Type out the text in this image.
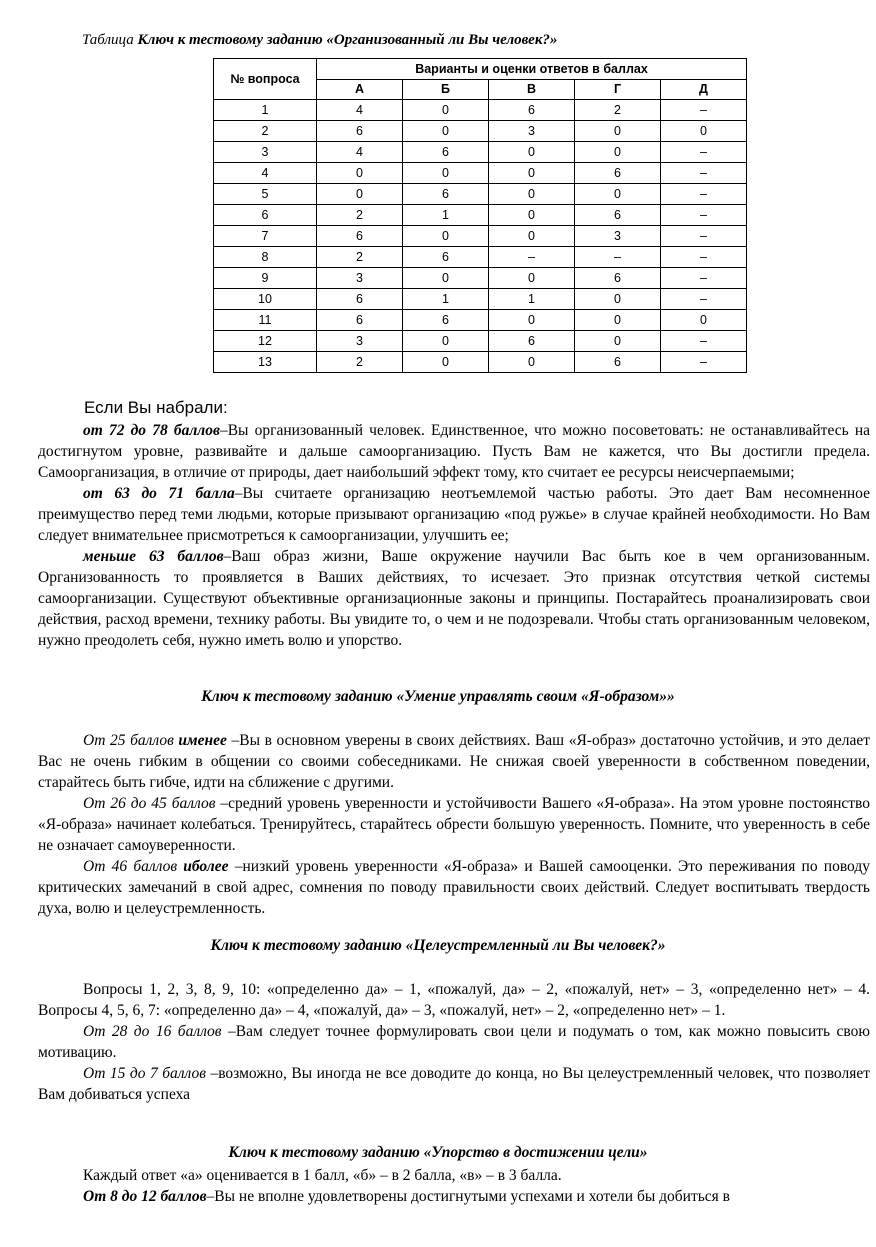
Таблица Ключ к тестовому заданию «Организованный ли Вы человек?»
№ вопроса	Варианты и оценки ответов в баллах				
	А	Б	В	Г	Д
1	4	0	6	2	–
2	6	0	3	0	0
3	4	6	0	0	–
4	0	0	0	6	–
5	0	6	0	0	–
6	2	1	0	6	–
7	6	0	0	3	–
8	2	6	–	–	–
9	3	0	0	6	–
10	6	1	1	0	–
11	6	6	0	0	0
12	3	0	6	0	–
13	2	0	0	6	–
Если Вы набрали:

от 72 до 78 баллов–Вы организованный человек. Единственное, что можно посоветовать: не останавливайтесь на достигнутом уровне, развивайте и дальше самоорганизацию. Пусть Вам не кажется, что Вы достигли предела. Самоорганизация, в отличие от природы, дает наибольший эффект тому, кто считает ее ресурсы неисчерпаемыми;

от 63 до 71 балла–Вы считаете организацию неотъемлемой частью работы. Это дает Вам несомненное преимущество перед теми людьми, которые призывают организацию «под ружье» в случае крайней необходимости. Но Вам следует внимательнее присмотреться к самоорганизации, улучшить ее;

меньше 63 баллов–Ваш образ жизни, Ваше окружение научили Вас быть кое в чем организованным. Организованность то проявляется в Ваших действиях, то исчезает. Это признак отсутствия четкой системы самоорганизации. Существуют объективные организационные законы и принципы. Постарайтесь проанализировать свои действия, расход времени, технику работы. Вы увидите то, о чем и не подозревали. Чтобы стать организованным человеком, нужно преодолеть себя, нужно иметь волю и упорство.

Ключ к тестовому заданию «Умение управлять своим «Я-образом»»

От 25 баллов именее –Вы в основном уверены в своих действиях. Ваш «Я-образ» достаточно устойчив, и это делает Вас не очень гибким в общении со своими собеседниками. Не снижая своей уверенности в собственном поведении, старайтесь быть гибче, идти на сближение с другими.

От 26 до 45 баллов –средний уровень уверенности и устойчивости Вашего «Я-образа». На этом уровне постоянство «Я-образа» начинает колебаться. Тренируйтесь, старайтесь обрести большую уверенность. Помните, что уверенность в себе не означает самоуверенности.

От 46 баллов иболее –низкий уровень уверенности «Я-образа» и Вашей самооценки. Это переживания по поводу критических замечаний в свой адрес, сомнения по поводу правильности своих действий. Следует воспитывать твердость духа, волю и целеустремленность.

Ключ к тестовому заданию «Целеустремленный ли Вы человек?»

Вопросы 1, 2, 3, 8, 9, 10: «определенно да» – 1, «пожалуй, да» – 2, «пожалуй, нет» – 3, «определенно нет» – 4. Вопросы 4, 5, 6, 7: «определенно да» – 4, «пожалуй, да» – 3, «пожалуй, нет» – 2, «определенно нет» – 1.

От 28 до 16 баллов –Вам следует точнее формулировать свои цели и подумать о том, как можно повысить свою мотивацию.

От 15 до 7 баллов –возможно, Вы иногда не все доводите до конца, но Вы целеустремленный человек, что позволяет Вам добиваться успеха

Ключ к тестовому заданию «Упорство в достижении цели»

Каждый ответ «а» оценивается в 1 балл, «б» – в 2 балла, «в» – в 3 балла.

От 8 до 12 баллов–Вы не вполне удовлетворены достигнутыми успехами и хотели бы добиться в
